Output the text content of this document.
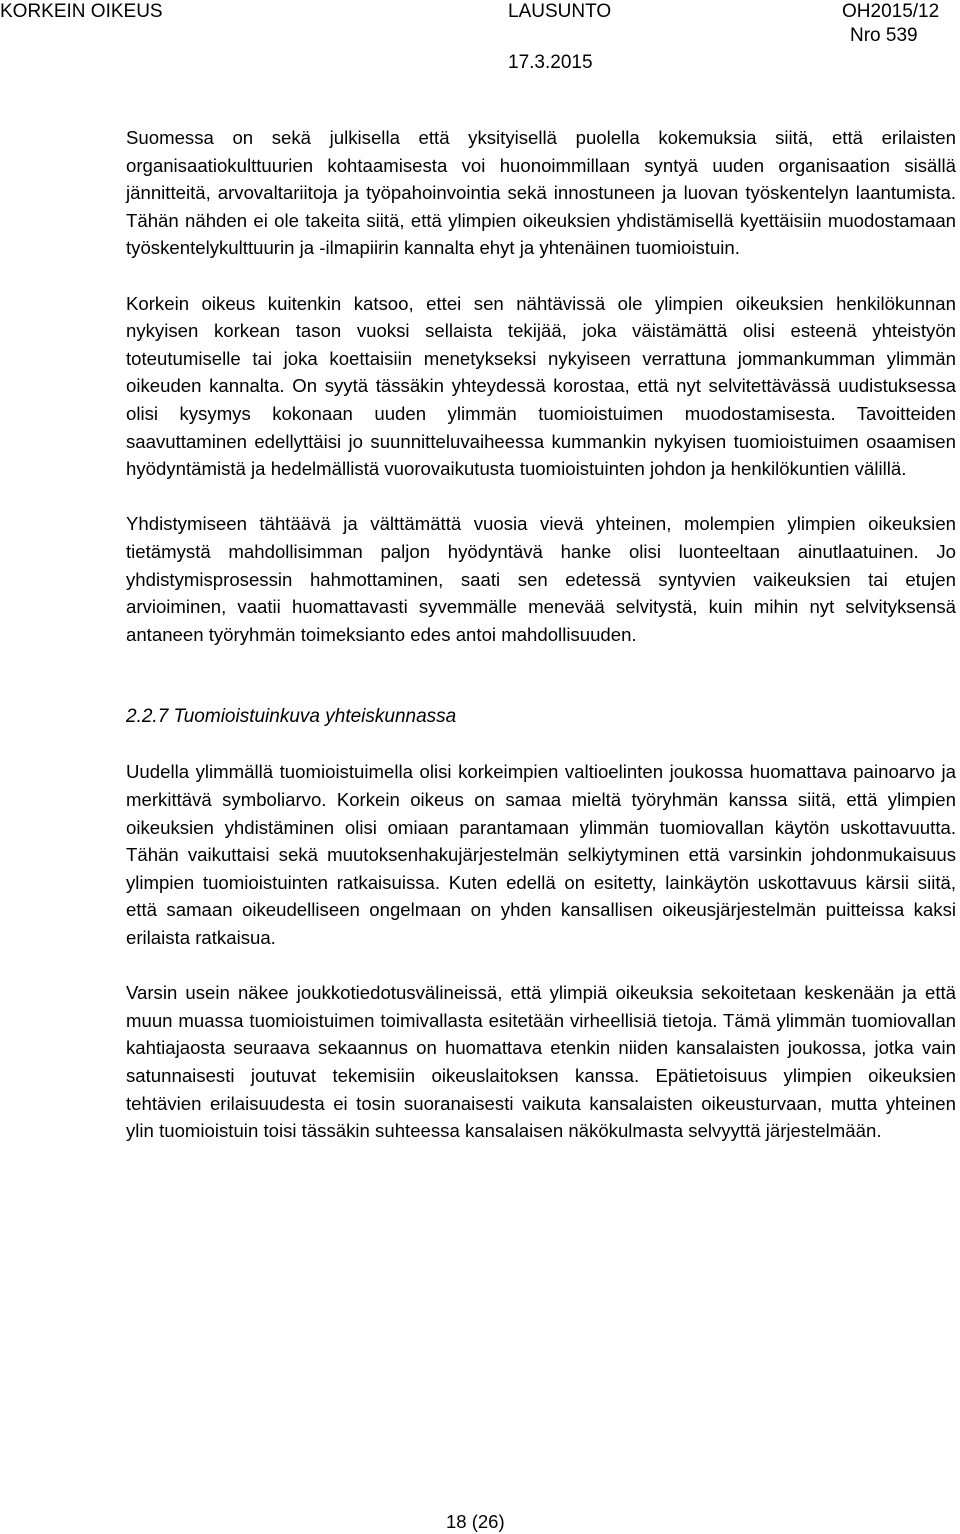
KORKEIN OIKEUS	LAUSUNTO	OH2015/12
Nro 539
17.3.2015

Suomessa on sekä julkisella että yksityisellä puolella kokemuksia siitä, että erilaisten organisaatiokulttuurien kohtaamisesta voi huonoimmillaan syntyä uuden organisaation sisällä jännitteitä, arvovaltariitoja ja työpahoinvointia sekä innostuneen ja luovan työskentelyn laantumista. Tähän nähden ei ole takeita siitä, että ylimpien oikeuksien yhdistämisellä kyettäisiin muodostamaan työskentelykulttuurin ja -ilmapiirin kannalta ehyt ja yhtenäinen tuomioistuin.

Korkein oikeus kuitenkin katsoo, ettei sen nähtävissä ole ylimpien oikeuksien henkilökunnan nykyisen korkean tason vuoksi sellaista tekijää, joka väistämättä olisi esteenä yhteistyön toteutumiselle tai joka koettaisiin menetykseksi nykyiseen verrattuna jommankumman ylimmän oikeuden kannalta. On syytä tässäkin yhteydessä korostaa, että nyt selvitettävässä uudistuksessa olisi kysymys kokonaan uuden ylimmän tuomioistuimen muodostamisesta. Tavoitteiden saavuttaminen edellyttäisi jo suunnitteluvaiheessa kummankin nykyisen tuomioistuimen osaamisen hyödyntämistä ja hedelmällistä vuorovaikutusta tuomioistuinten johdon ja henkilökuntien välillä.

Yhdistymiseen tähtäävä ja välttämättä vuosia vievä yhteinen, molempien ylimpien oikeuksien tietämystä mahdollisimman paljon hyödyntävä hanke olisi luonteeltaan ainutlaatuinen. Jo yhdistymisprosessin hahmottaminen, saati sen edetessä syntyvien vaikeuksien tai etujen arvioiminen, vaatii huomattavasti syvemmälle menevää selvitystä, kuin mihin nyt selvityksensä antaneen työryhmän toimeksianto edes antoi mahdollisuuden.

2.2.7 Tuomioistuinkuva yhteiskunnassa

Uudella ylimmällä tuomioistuimella olisi korkeimpien valtioelinten joukossa huomattava painoarvo ja merkittävä symboliarvo. Korkein oikeus on samaa mieltä työryhmän kanssa siitä, että ylimpien oikeuksien yhdistäminen olisi omiaan parantamaan ylimmän tuomiovallan käytön uskottavuutta. Tähän vaikuttaisi sekä muutoksenhakujärjestelmän selkiytyminen että varsinkin johdonmukaisuus ylimpien tuomioistuinten ratkaisuissa. Kuten edellä on esitetty, lainkäytön uskottavuus kärsii siitä, että samaan oikeudelliseen ongelmaan on yhden kansallisen oikeusjärjestelmän puitteissa kaksi erilaista ratkaisua.

Varsin usein näkee joukkotiedotusvälineissä, että ylimpiä oikeuksia sekoitetaan keskenään ja että muun muassa tuomioistuimen toimivallasta esitetään virheellisiä tietoja. Tämä ylimmän tuomiovallan kahtiajaosta seuraava sekaannus on huomattava etenkin niiden kansalaisten joukossa, jotka vain satunnaisesti joutuvat tekemisiin oikeuslaitoksen kanssa. Epätietoisuus ylimpien oikeuksien tehtävien erilaisuudesta ei tosin suoranaisesti vaikuta kansalaisten oikeusturvaan, mutta yhteinen ylin tuomioistuin toisi tässäkin suhteessa kansalaisen näkökulmasta selvyyttä järjestelmään.

18 (26)
